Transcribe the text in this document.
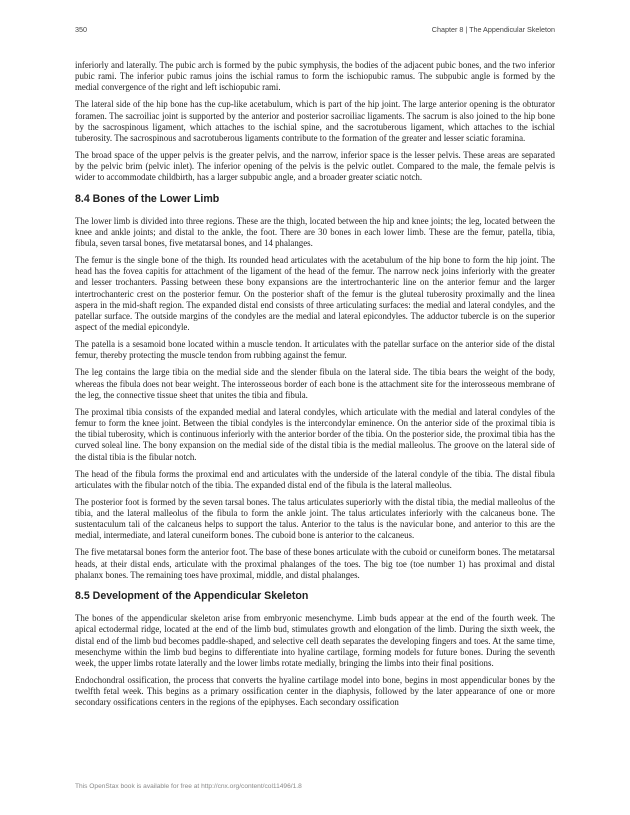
350	Chapter 8 | The Appendicular Skeleton

inferiorly and laterally. The pubic arch is formed by the pubic symphysis, the bodies of the adjacent pubic bones, and the two inferior pubic rami. The inferior pubic ramus joins the ischial ramus to form the ischiopubic ramus. The subpubic angle is formed by the medial convergence of the right and left ischiopubic rami.

The lateral side of the hip bone has the cup-like acetabulum, which is part of the hip joint. The large anterior opening is the obturator foramen. The sacroiliac joint is supported by the anterior and posterior sacroiliac ligaments. The sacrum is also joined to the hip bone by the sacrospinous ligament, which attaches to the ischial spine, and the sacrotuberous ligament, which attaches to the ischial tuberosity. The sacrospinous and sacrotuberous ligaments contribute to the formation of the greater and lesser sciatic foramina.

The broad space of the upper pelvis is the greater pelvis, and the narrow, inferior space is the lesser pelvis. These areas are separated by the pelvic brim (pelvic inlet). The inferior opening of the pelvis is the pelvic outlet. Compared to the male, the female pelvis is wider to accommodate childbirth, has a larger subpubic angle, and a broader greater sciatic notch.

8.4 Bones of the Lower Limb

The lower limb is divided into three regions. These are the thigh, located between the hip and knee joints; the leg, located between the knee and ankle joints; and distal to the ankle, the foot. There are 30 bones in each lower limb. These are the femur, patella, tibia, fibula, seven tarsal bones, five metatarsal bones, and 14 phalanges.

The femur is the single bone of the thigh. Its rounded head articulates with the acetabulum of the hip bone to form the hip joint. The head has the fovea capitis for attachment of the ligament of the head of the femur. The narrow neck joins inferiorly with the greater and lesser trochanters. Passing between these bony expansions are the intertrochanteric line on the anterior femur and the larger intertrochanteric crest on the posterior femur. On the posterior shaft of the femur is the gluteal tuberosity proximally and the linea aspera in the mid-shaft region. The expanded distal end consists of three articulating surfaces: the medial and lateral condyles, and the patellar surface. The outside margins of the condyles are the medial and lateral epicondyles. The adductor tubercle is on the superior aspect of the medial epicondyle.

The patella is a sesamoid bone located within a muscle tendon. It articulates with the patellar surface on the anterior side of the distal femur, thereby protecting the muscle tendon from rubbing against the femur.

The leg contains the large tibia on the medial side and the slender fibula on the lateral side. The tibia bears the weight of the body, whereas the fibula does not bear weight. The interosseous border of each bone is the attachment site for the interosseous membrane of the leg, the connective tissue sheet that unites the tibia and fibula.

The proximal tibia consists of the expanded medial and lateral condyles, which articulate with the medial and lateral condyles of the femur to form the knee joint. Between the tibial condyles is the intercondylar eminence. On the anterior side of the proximal tibia is the tibial tuberosity, which is continuous inferiorly with the anterior border of the tibia. On the posterior side, the proximal tibia has the curved soleal line. The bony expansion on the medial side of the distal tibia is the medial malleolus. The groove on the lateral side of the distal tibia is the fibular notch.

The head of the fibula forms the proximal end and articulates with the underside of the lateral condyle of the tibia. The distal fibula articulates with the fibular notch of the tibia. The expanded distal end of the fibula is the lateral malleolus.

The posterior foot is formed by the seven tarsal bones. The talus articulates superiorly with the distal tibia, the medial malleolus of the tibia, and the lateral malleolus of the fibula to form the ankle joint. The talus articulates inferiorly with the calcaneus bone. The sustentaculum tali of the calcaneus helps to support the talus. Anterior to the talus is the navicular bone, and anterior to this are the medial, intermediate, and lateral cuneiform bones. The cuboid bone is anterior to the calcaneus.

The five metatarsal bones form the anterior foot. The base of these bones articulate with the cuboid or cuneiform bones. The metatarsal heads, at their distal ends, articulate with the proximal phalanges of the toes. The big toe (toe number 1) has proximal and distal phalanx bones. The remaining toes have proximal, middle, and distal phalanges.

8.5 Development of the Appendicular Skeleton

The bones of the appendicular skeleton arise from embryonic mesenchyme. Limb buds appear at the end of the fourth week. The apical ectodermal ridge, located at the end of the limb bud, stimulates growth and elongation of the limb. During the sixth week, the distal end of the limb bud becomes paddle-shaped, and selective cell death separates the developing fingers and toes. At the same time, mesenchyme within the limb bud begins to differentiate into hyaline cartilage, forming models for future bones. During the seventh week, the upper limbs rotate laterally and the lower limbs rotate medially, bringing the limbs into their final positions.

Endochondral ossification, the process that converts the hyaline cartilage model into bone, begins in most appendicular bones by the twelfth fetal week. This begins as a primary ossification center in the diaphysis, followed by the later appearance of one or more secondary ossifications centers in the regions of the epiphyses. Each secondary ossification

This OpenStax book is available for free at http://cnx.org/content/col11496/1.8
